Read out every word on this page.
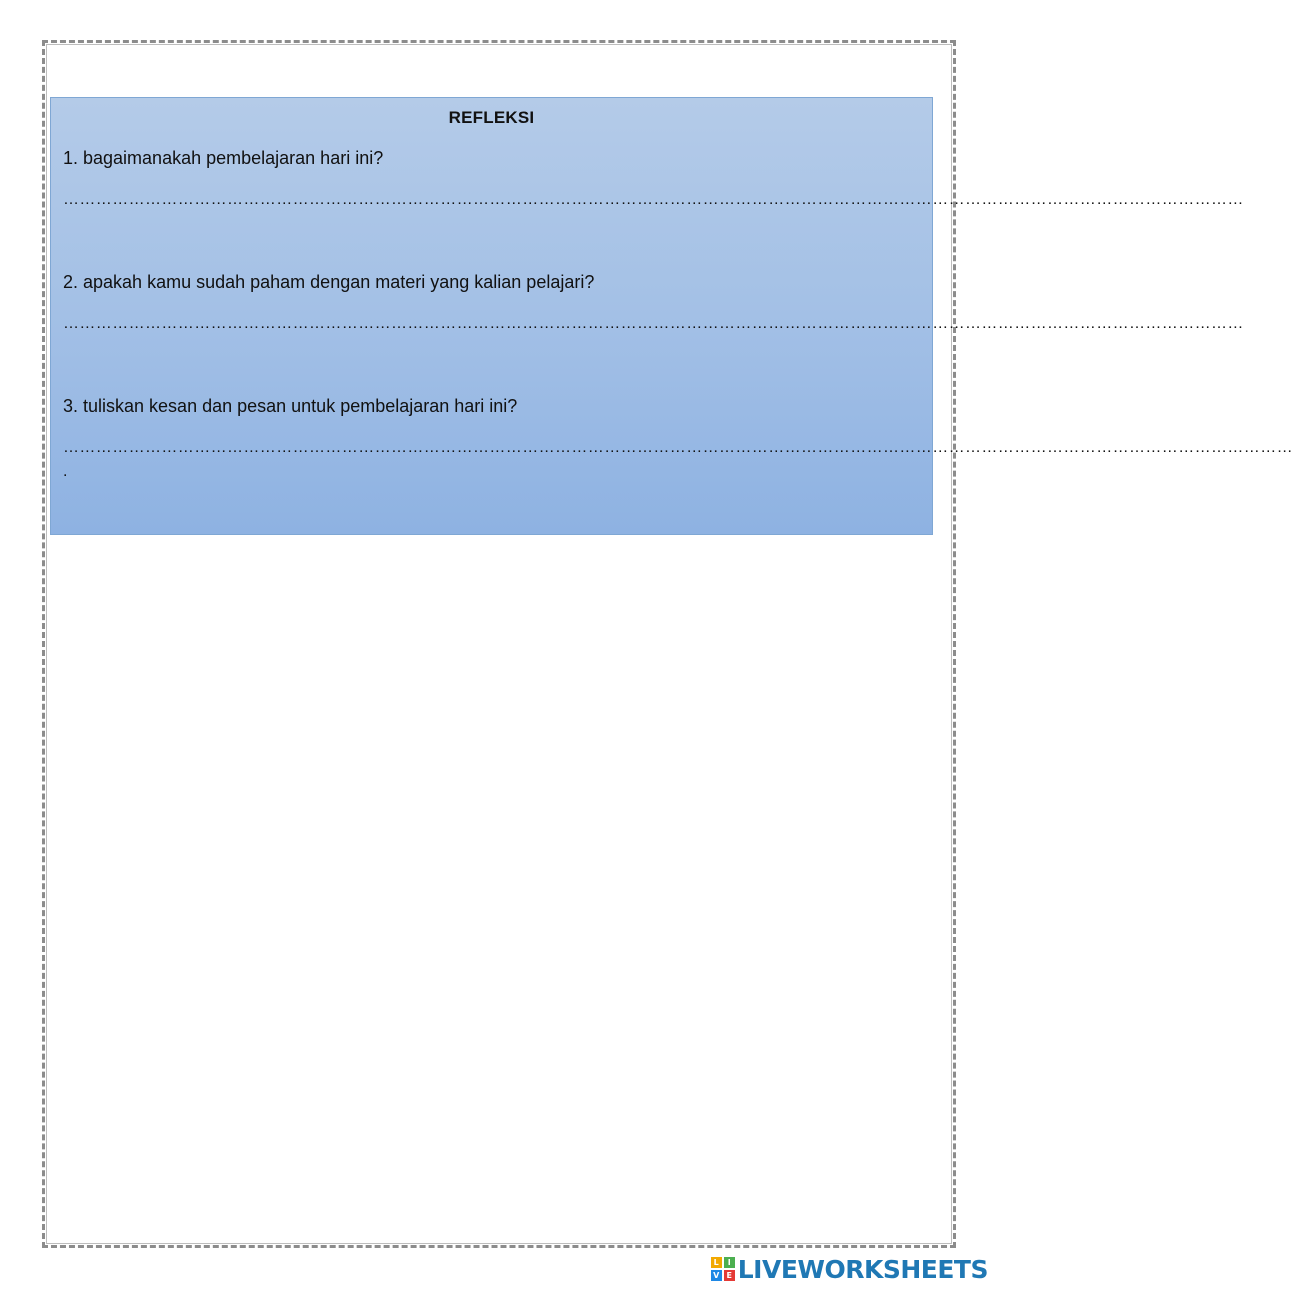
REFLEKSI
1. bagaimanakah pembelajaran hari ini?
………………………………………………………………………………………………………………………………………………………………………………………………
2. apakah kamu sudah paham dengan materi yang kalian pelajari?
………………………………………………………………………………………………………………………………………………………………………………………………
3. tuliskan kesan dan pesan untuk pembelajaran hari ini?
………………………………………………………………………………………………………………………………………………………………………………………………………
.
L	I
V E LIVEWORKSHEETS
